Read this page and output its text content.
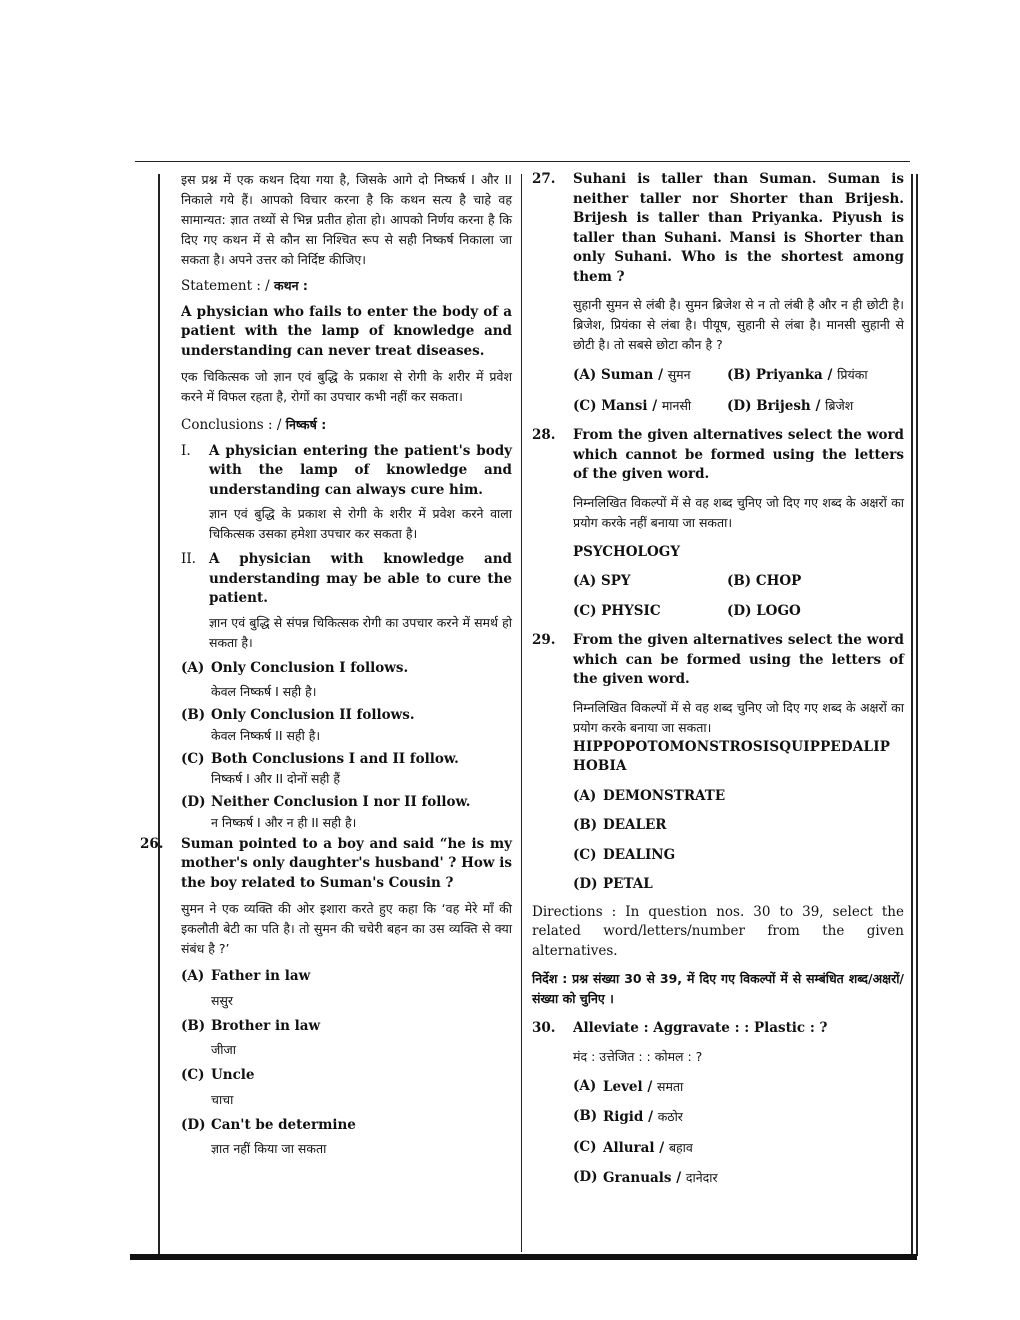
इस प्रश्न में एक कथन दिया गया है, जिसके आगे दो निष्कर्ष I और II निकाले गये हैं। आपको विचार करना है कि कथन सत्य है चाहे वह सामान्यत: ज्ञात तथ्यों से भिन्न प्रतीत होता हो। आपको निर्णय करना है कि दिए गए कथन में से कौन सा निश्चित रूप से सही निष्कर्ष निकाला जा सकता है। अपने उत्तर को निर्दिष्ट कीजिए।

Statement : / कथन :

A physician who fails to enter the body of a patient with the lamp of knowledge and understanding can never treat diseases.

एक चिकित्सक जो ज्ञान एवं बुद्धि के प्रकाश से रोगी के शरीर में प्रवेश करने में विफल रहता है, रोगों का उपचार कभी नहीं कर सकता।

Conclusions : / निष्कर्ष :

I.	A physician entering the patient's body with the lamp of knowledge and understanding can always cure him.

ज्ञान एवं बुद्धि के प्रकाश से रोगी के शरीर में प्रवेश करने वाला चिकित्सक उसका हमेशा उपचार कर सकता है।

II. A physician with knowledge and understanding may be able to cure the patient.

ज्ञान एवं बुद्धि से संपन्न चिकित्सक रोगी का उपचार करने में समर्थ हो सकता है।

(A) Only Conclusion I follows.

केवल निष्कर्ष I सही है।

(B) Only Conclusion II follows.

केवल निष्कर्ष II सही है।

(C) Both Conclusions I and II follow.

निष्कर्ष I और II दोनों सही हैं

(D) Neither Conclusion I nor II follow.

न निष्कर्ष I और न ही II सही है।

26.	Suman pointed to a boy and said “he is my mother's only daughter's husband' ? How is the boy related to Suman's Cousin ?

सुमन ने एक व्यक्ति की ओर इशारा करते हुए कहा कि ‘वह मेरे माँ की इकलौती बेटी का पति है। तो सुमन की चचेरी बहन का उस व्यक्ति से क्या संबंध है ?’

(A) Father in law

ससुर

(B) Brother in law

जीजा

(C) Uncle

चाचा

(D) Can't be determine

ज्ञात नहीं किया जा सकता

27.	Suhani is taller than Suman. Suman is neither taller nor Shorter than Brijesh. Brijesh is taller than Priyanka. Piyush is taller than Suhani. Mansi is Shorter than only Suhani. Who is the shortest among them ?

सुहानी सुमन से लंबी है। सुमन ब्रिजेश से न तो लंबी है और न ही छोटी है। ब्रिजेश, प्रियंका से लंबा है। पीयूष, सुहानी से लंबा है। मानसी सुहानी से छोटी है। तो सबसे छोटा कौन है ?

(A) Suman / सुमन	(B) Priyanka / प्रियंका
(C) Mansi / मानसी	(D) Brijesh / ब्रिजेश
28.	From the given alternatives select the word which cannot be formed using the letters of the given word.

निम्नलिखित विकल्पों में से वह शब्द चुनिए जो दिए गए शब्द के अक्षरों का प्रयोग करके नहीं बनाया जा सकता।

PSYCHOLOGY

(A) SPY	(B) CHOP
(C) PHYSIC	(D) LOGO
29.	From the given alternatives select the word which can be formed using the letters of the given word.

निम्नलिखित विकल्पों में से वह शब्द चुनिए जो दिए गए शब्द के अक्षरों का प्रयोग करके बनाया जा सकता।

HIPPOPOTOMONSTROSISQUIPPEDALIP HOBIA

(A) DEMONSTRATE

(B) DEALER

(C) DEALING

(D) PETAL

Directions : In question nos. 30 to 39, select the related word/letters/number from the given alternatives.

निर्देश : प्रश्न संख्या 30 से 39, में दिए गए विकल्पों में से सम्बंधित शब्द/अक्षरों/संख्या को चुनिए ।

30.	Alleviate : Aggravate : : Plastic : ?

मंद : उत्तेजित : : कोमल : ?

(A) Level / समता

(B) Rigid / कठोर

(C) Allural / बहाव

(D) Granuals / दानेदार
